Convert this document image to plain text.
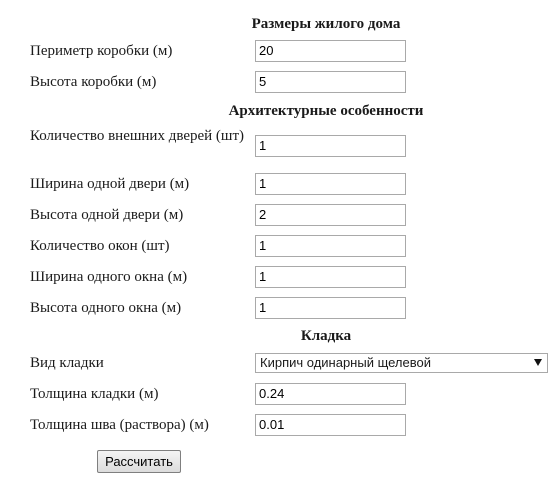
Размеры жилого дома
Периметр коробки (м)
20
Высота коробки (м)
5
Архитектурные особенности
Количество внешних дверей (шт)
1
Ширина одной двери (м)
1
Высота одной двери (м)
2
Количество окон (шт)
1
Ширина одного окна (м)
1
Высота одного окна (м)
1
Кладка
Вид кладки	Кирпич одинарный щелевой
Толщина кладки (м)
0.24
Толщина шва (раствора) (м)
0.01
Рассчитать
